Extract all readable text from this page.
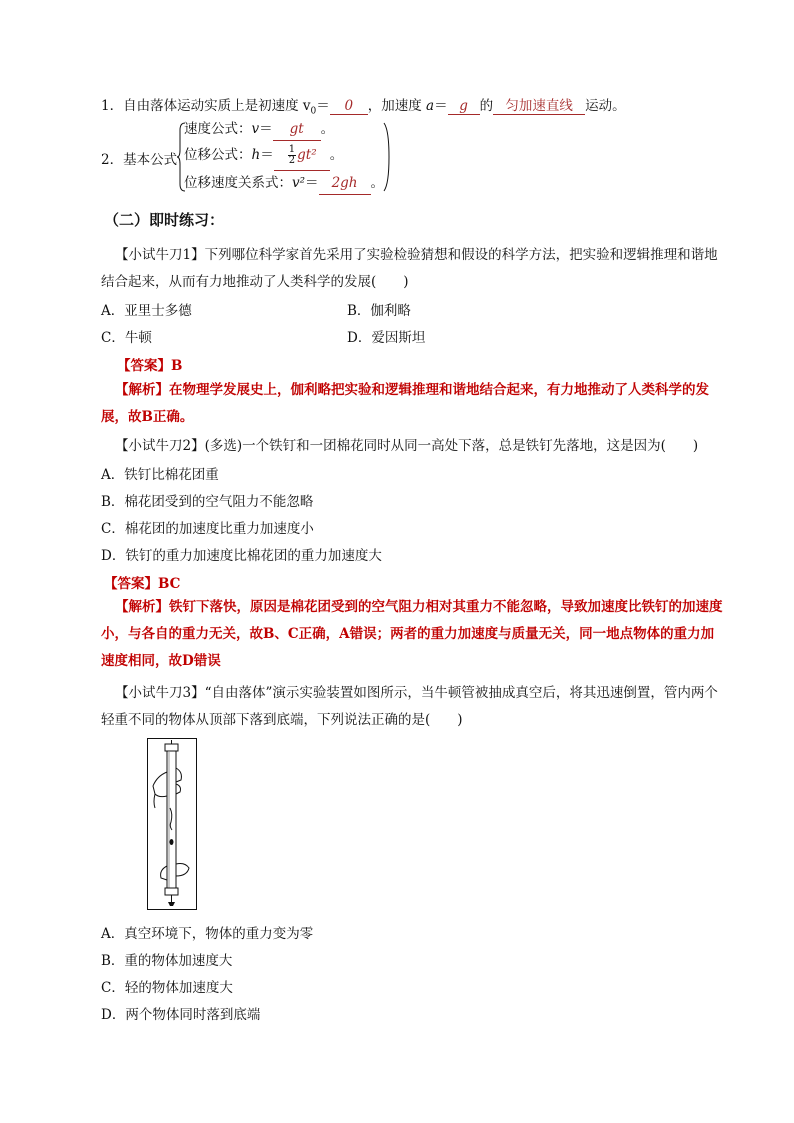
1．自由落体运动实质上是初速度 $v_0= 0$ ，加速度 a＝ g 的 匀加速直线 运动。
2．基本公式
速度公式：v＝ gt 。
位移公式：$h= \frac{1}{2} gt^2$ 。
位移速度关系式：v²＝ 2gh 。
（二）即时练习：
【小试牛刀1】下列哪位科学家首先采用了实验检验猜想和假设的科学方法，把实验和逻辑推理和谐地结合起来，从而有力地推动了人类科学的发展(　　)
A．亚里士多德	B．伽利略
C．牛顿	D．爱因斯坦
【答案】B
【解析】在物理学发展史上，伽利略把实验和逻辑推理和谐地结合起来，有力地推动了人类科学的发展，故B正确。
【小试牛刀2】(多选)一个铁钉和一团棉花同时从同一高处下落，总是铁钉先落地，这是因为(　　)
A．铁钉比棉花团重
B．棉花团受到的空气阻力不能忽略
C．棉花团的加速度比重力加速度小
D．铁钉的重力加速度比棉花团的重力加速度大
【答案】BC
【解析】铁钉下落快，原因是棉花团受到的空气阻力相对其重力不能忽略，导致加速度比铁钉的加速度小，与各自的重力无关，故B、C正确，A错误；两者的重力加速度与质量无关，同一地点物体的重力加速度相同，故D错误
【小试牛刀3】“自由落体”演示实验装置如图所示，当牛顿管被抽成真空后，将其迅速倒置，管内两个轻重不同的物体从顶部下落到底端，下列说法正确的是(　　)
A．真空环境下，物体的重力变为零
B．重的物体加速度大
C．轻的物体加速度大
D．两个物体同时落到底端
